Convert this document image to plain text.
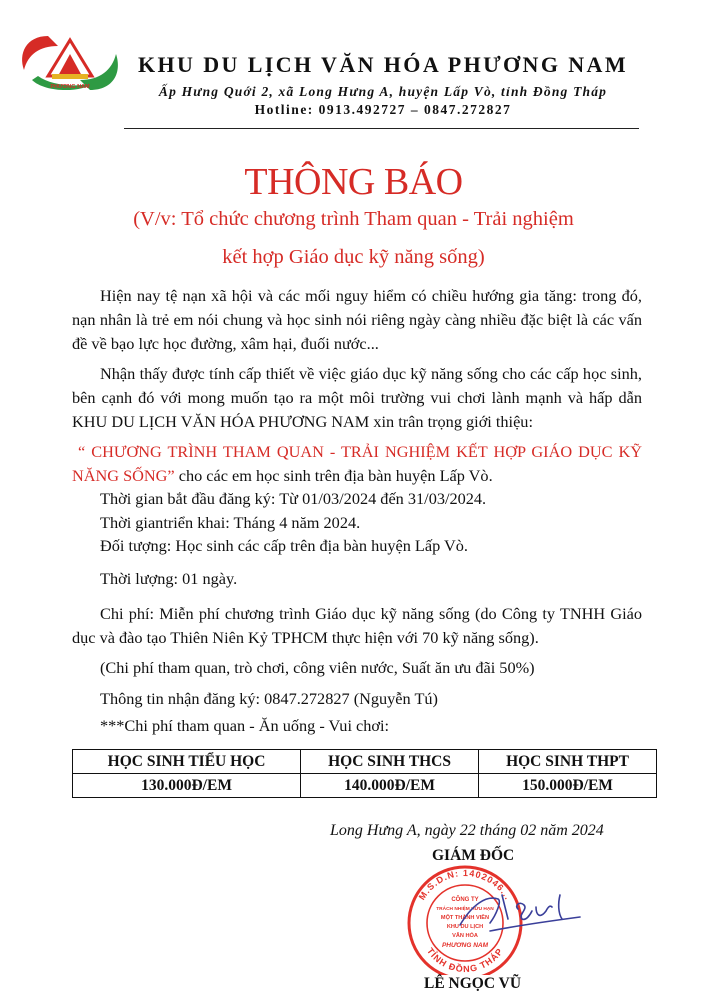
PHƯƠNG NAM
KHU DU LỊCH VĂN HÓA PHƯƠNG NAM
Ấp Hưng Quới 2, xã Long Hưng A, huyện Lấp Vò, tỉnh Đồng Tháp
Hotline: 0913.492727 – 0847.272827
THÔNG BÁO
(V/v: Tổ chức chương trình Tham quan - Trải nghiệm
kết hợp Giáo dục kỹ năng sống)
Hiện nay tệ nạn xã hội và các mối nguy hiểm có chiều hướng gia tăng: trong đó, nạn nhân là trẻ em nói chung và học sinh nói riêng ngày càng nhiều đặc biệt là các vấn đề về bạo lực học đường, xâm hại, đuối nước...
Nhận thấy được tính cấp thiết về việc giáo dục kỹ năng sống cho các cấp học sinh, bên cạnh đó với mong muốn tạo ra một môi trường vui chơi lành mạnh và hấp dẫn KHU DU LỊCH VĂN HÓA PHƯƠNG NAM xin trân trọng giới thiệu:
“ CHƯƠNG TRÌNH THAM QUAN - TRẢI NGHIỆM KẾT HỢP GIÁO DỤC KỸ NĂNG SỐNG” cho các em học sinh trên địa bàn huyện Lấp Vò.
Thời gian bắt đầu đăng ký: Từ 01/03/2024 đến 31/03/2024.
Thời giantriển khai: Tháng 4 năm 2024.
Đối tượng: Học sinh các cấp trên địa bàn huyện Lấp Vò.
Thời lượng: 01 ngày.
Chi phí: Miễn phí chương trình Giáo dục kỹ năng sống (do Công ty TNHH Giáo dục và đào tạo Thiên Niên Kỷ TPHCM thực hiện với 70 kỹ năng sống).
(Chi phí tham quan, trò chơi, công viên nước, Suất ăn ưu đãi 50%)
Thông tin nhận đăng ký: 0847.272827 (Nguyễn Tú)
***Chi phí tham quan - Ăn uống - Vui chơi:
HỌC SINH TIỂU HỌC	HỌC SINH THCS	HỌC SINH THPT
130.000Đ/EM	140.000Đ/EM	150.000Đ/EM
Long Hưng A, ngày 22 tháng 02 năm 2024
GIÁM ĐỐC
M.S.D.N: 1402046...
TỈNH ĐỒNG THÁP
CÔNG TY
TRÁCH NHIỆM HỮU HẠN
MỘT THÀNH VIÊN
KHU DU LỊCH
VĂN HÓA
PHƯƠNG NAM
LÊ NGỌC VŨ
